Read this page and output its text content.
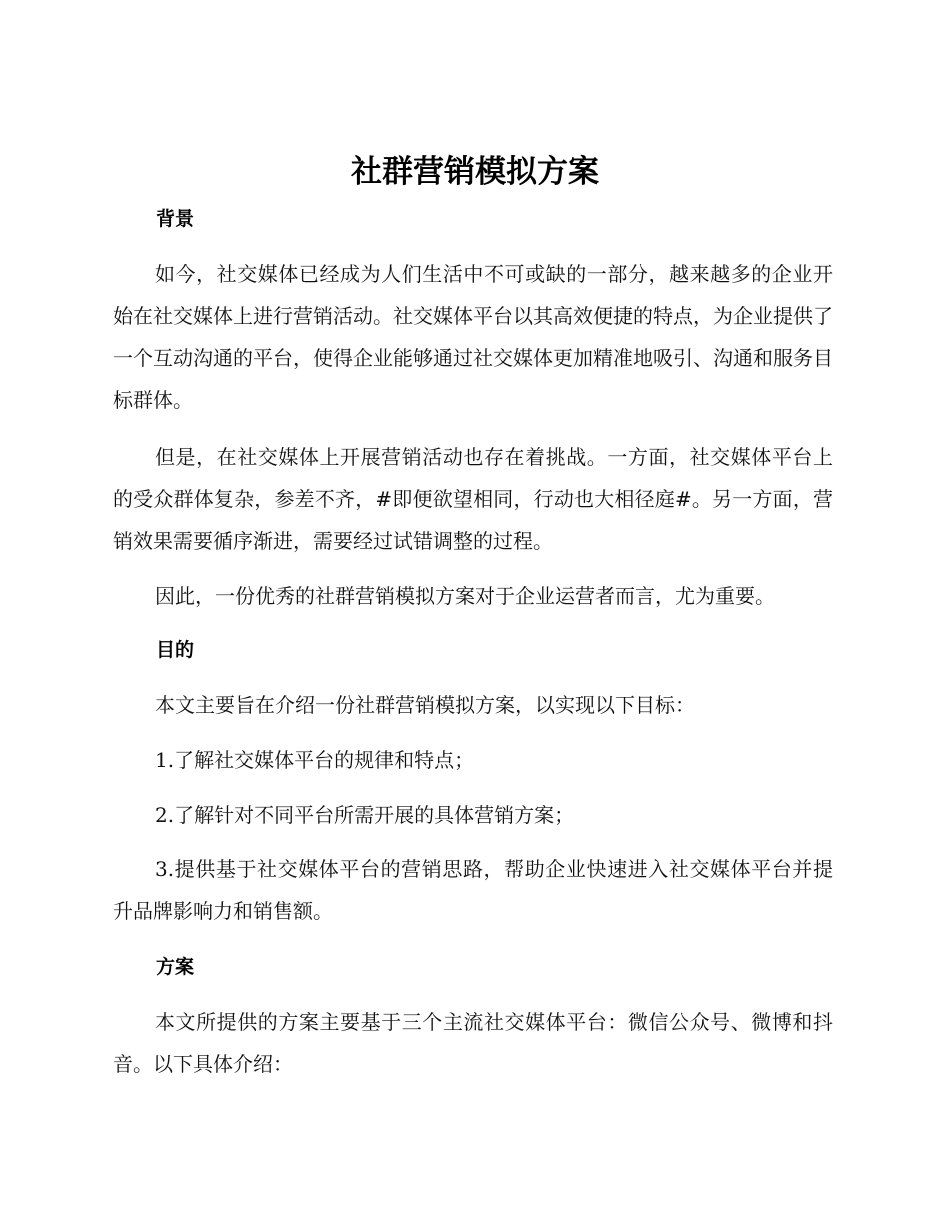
社群营销模拟方案
背景

如今，社交媒体已经成为人们生活中不可或缺的一部分，越来越多的企业开始在社交媒体上进行营销活动。社交媒体平台以其高效便捷的特点，为企业提供了一个互动沟通的平台，使得企业能够通过社交媒体更加精准地吸引、沟通和服务目标群体。

但是，在社交媒体上开展营销活动也存在着挑战。一方面，社交媒体平台上的受众群体复杂，参差不齐，#即便欲望相同，行动也大相径庭#。另一方面，营销效果需要循序渐进，需要经过试错调整的过程。

因此，一份优秀的社群营销模拟方案对于企业运营者而言，尤为重要。

目的

本文主要旨在介绍一份社群营销模拟方案，以实现以下目标：

1.了解社交媒体平台的规律和特点；

2.了解针对不同平台所需开展的具体营销方案；

3.提供基于社交媒体平台的营销思路，帮助企业快速进入社交媒体平台并提升品牌影响力和销售额。

方案

本文所提供的方案主要基于三个主流社交媒体平台：微信公众号、微博和抖音。以下具体介绍：
